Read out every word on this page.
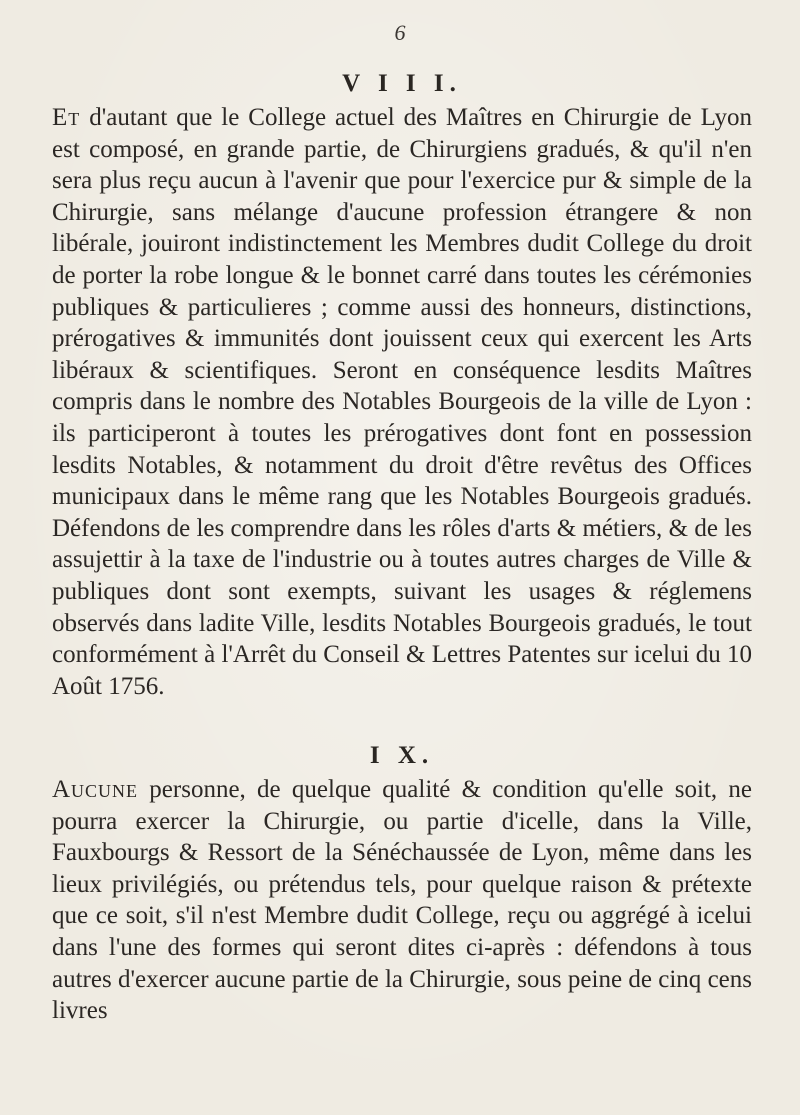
6
V I I I.

Et d'autant que le College actuel des Maîtres en Chirurgie de Lyon est composé, en grande partie, de Chirurgiens gradués, & qu'il n'en sera plus reçu aucun à l'avenir que pour l'exercice pur & simple de la Chirurgie, sans mélange d'aucune profession étrangere & non libérale, jouiront indistinctement les Membres dudit College du droit de porter la robe longue & le bonnet carré dans toutes les cérémonies publiques & particulieres ; comme aussi des honneurs, distinctions, prérogatives & immunités dont jouissent ceux qui exercent les Arts libéraux & scientifiques. Seront en conséquence lesdits Maîtres compris dans le nombre des Notables Bourgeois de la ville de Lyon : ils participeront à toutes les prérogatives dont font en possession lesdits Notables, & notamment du droit d'être revêtus des Offices municipaux dans le même rang que les Notables Bourgeois gradués. Défendons de les comprendre dans les rôles d'arts & métiers, & de les assujettir à la taxe de l'industrie ou à toutes autres charges de Ville & publiques dont sont exempts, suivant les usages & réglemens observés dans ladite Ville, lesdits Notables Bourgeois gradués, le tout conformément à l'Arrêt du Conseil & Lettres Patentes sur icelui du 10 Août 1756.

I X.

Aucune personne, de quelque qualité & condition qu'elle soit, ne pourra exercer la Chirurgie, ou partie d'icelle, dans la Ville, Fauxbourgs & Ressort de la Sénéchaussée de Lyon, même dans les lieux privilégiés, ou prétendus tels, pour quelque raison & prétexte que ce soit, s'il n'est Membre dudit College, reçu ou aggrégé à icelui dans l'une des formes qui seront dites ci-après : défendons à tous autres d'exercer aucune partie de la Chirurgie, sous peine de cinq cens livres
